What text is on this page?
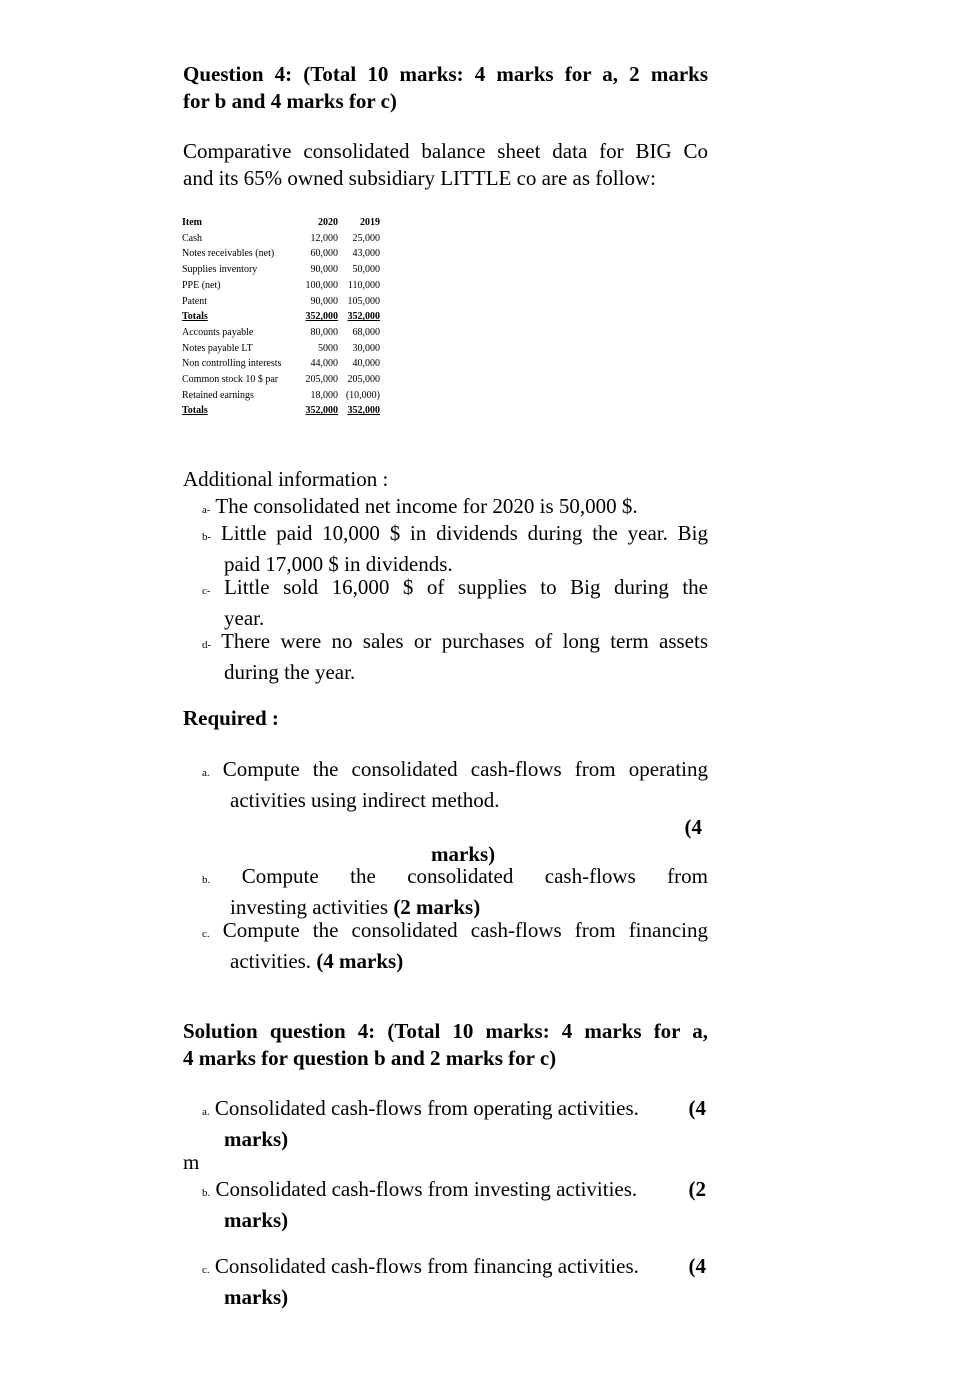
Question 4: (Total 10 marks: 4 marks for a, 2 marks
for b and 4 marks for c)
Comparative consolidated balance sheet data for BIG Co
and its 65% owned subsidiary LITTLE co are as follow:
Item	2020	2019
Cash	12,000	25,000
Notes receivables (net)	60,000	43,000
Supplies inventory	90,000	50,000
PPE (net)	100,000	110,000
Patent	90,000	105,000
Totals	352,000	352,000
Accounts payable	80,000	68,000
Notes payable LT	5000	30,000
Non controlling interests	44,000	40,000
Common stock 10 $ par	205,000	205,000
Retained earnings	18,000	(10,000)
Totals	352,000	352,000
Additional information :
a- The consolidated net income for 2020 is 50,000 $.
b- Little paid 10,000 $ in dividends during the year. Big
paid 17,000 $ in dividends.
c- Little sold 16,000 $ of supplies to Big during the
year.
d- There were no sales or purchases of long term assets
during the year.
Required :
a. Compute the consolidated cash-flows from operating
activities using indirect method.
(4
marks)
b. Compute the consolidated cash-flows from
investing activities (2 marks)
c. Compute the consolidated cash-flows from financing
activities. (4 marks)
Solution question 4: (Total 10 marks: 4 marks for a,
4 marks for question b and 2 marks for c)
a. Consolidated cash-flows from operating activities. (4
marks)
m
b. Consolidated cash-flows from investing activities. (2
marks)
c. Consolidated cash-flows from financing activities. (4
marks)
